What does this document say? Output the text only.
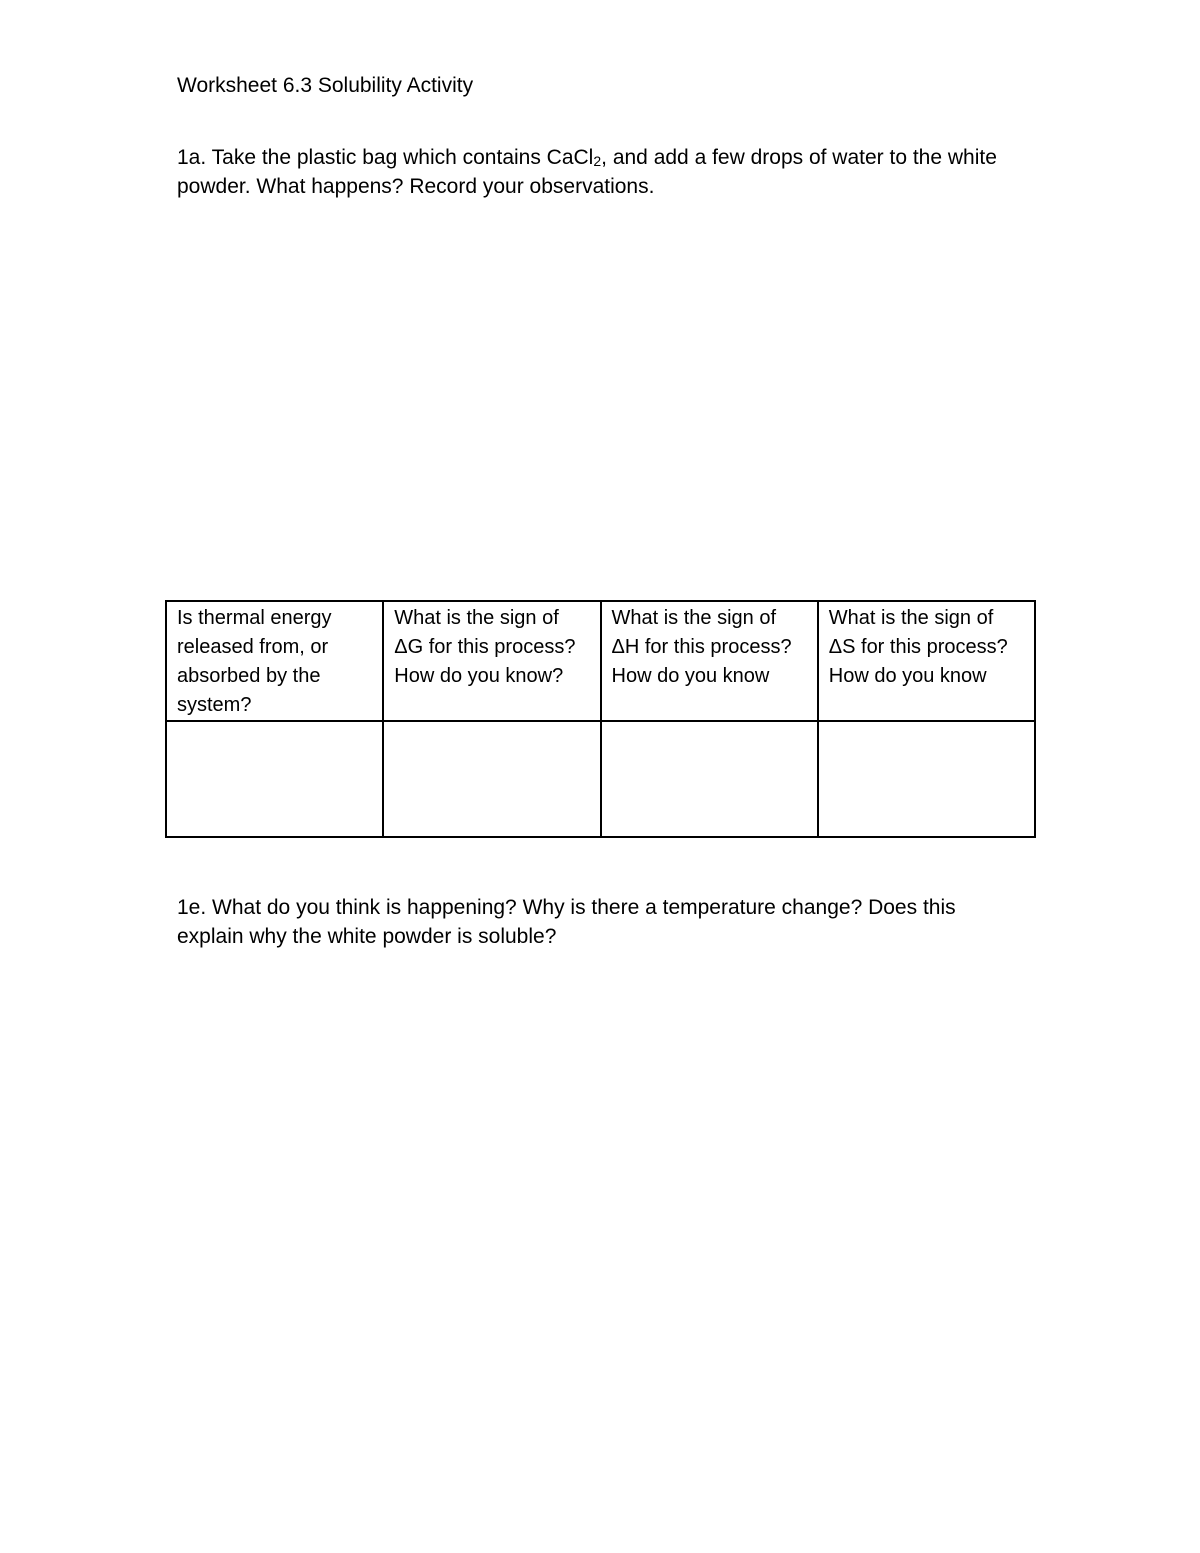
Worksheet 6.3 Solubility Activity
1a. Take the plastic bag which contains CaCl$_2$, and add a few drops of water to the white
powder. What happens? Record your observations.
Is thermal energy
released from, or
absorbed by the
system?	What is the sign of
ΔG for this process?
How do you know?	What is the sign of
ΔH for this process?
How do you know	What is the sign of
ΔS for this process?
How do you know

1e. What do you think is happening? Why is there a temperature change? Does this
explain why the white powder is soluble?
